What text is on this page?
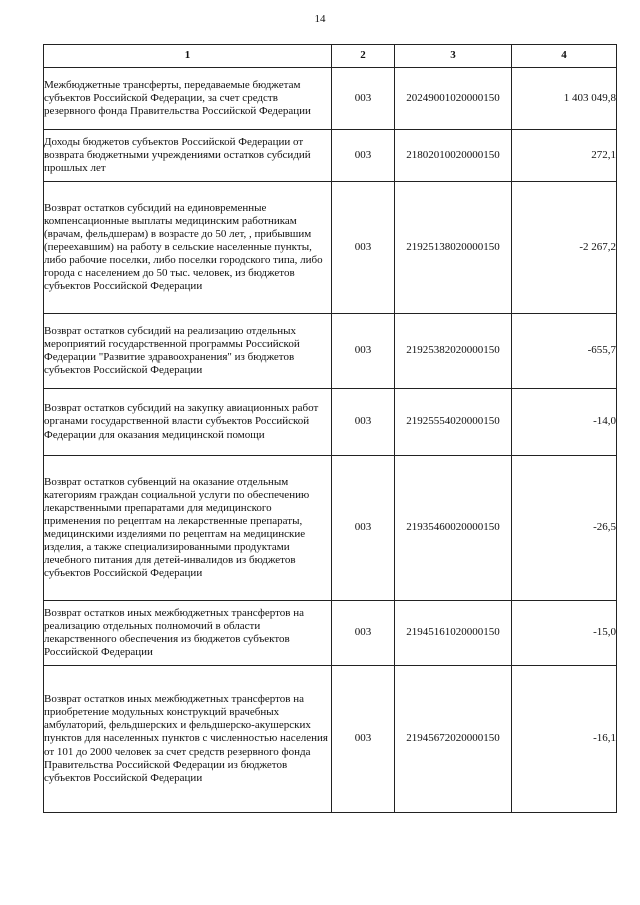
14
1	2	3	4
Межбюджетные трансферты, передаваемые бюджетам субъектов Российской Федерации, за счет средств резервного фонда Правительства Российской Федерации	003	20249001020000150	1 403 049,8
Доходы бюджетов субъектов Российской Федерации от возврата бюджетными учреждениями остатков субсидий прошлых лет	003	21802010020000150	272,1
Возврат остатков субсидий на единовременные компенсационные выплаты медицинским работникам (врачам, фельдшерам) в возрасте до 50 лет, , прибывшим (переехавшим) на работу в сельские населенные пункты, либо рабочие поселки, либо поселки городского типа, либо города с населением до 50 тыс. человек, из бюджетов субъектов Российской Федерации	003	21925138020000150	-2 267,2
Возврат остатков субсидий на реализацию отдельных мероприятий государственной программы Российской Федерации "Развитие здравоохранения" из бюджетов субъектов Российской Федерации	003	21925382020000150	-655,7
Возврат остатков субсидий на закупку авиационных работ органами государственной власти субъектов Российской Федерации для оказания медицинской помощи	003	21925554020000150	-14,0
Возврат остатков субвенций на оказание отдельным категориям граждан социальной услуги по обеспечению лекарственными препаратами для медицинского применения по рецептам на лекарственные препараты, медицинскими изделиями по рецептам на медицинские изделия, а также специализированными продуктами лечебного питания для детей-инвалидов из бюджетов субъектов Российской Федерации	003	21935460020000150	-26,5
Возврат остатков иных межбюджетных трансфертов на реализацию отдельных полномочий в области лекарственного обеспечения из бюджетов субъектов Российской Федерации	003	21945161020000150	-15,0
Возврат остатков иных межбюджетных трансфертов на приобретение модульных конструкций врачебных амбулаторий, фельдшерских и фельдшерско-акушерских пунктов для населенных пунктов с численностью населения от 101 до 2000 человек за счет средств резервного фонда Правительства Российской Федерации из бюджетов субъектов Российской Федерации	003	21945672020000150	-16,1
